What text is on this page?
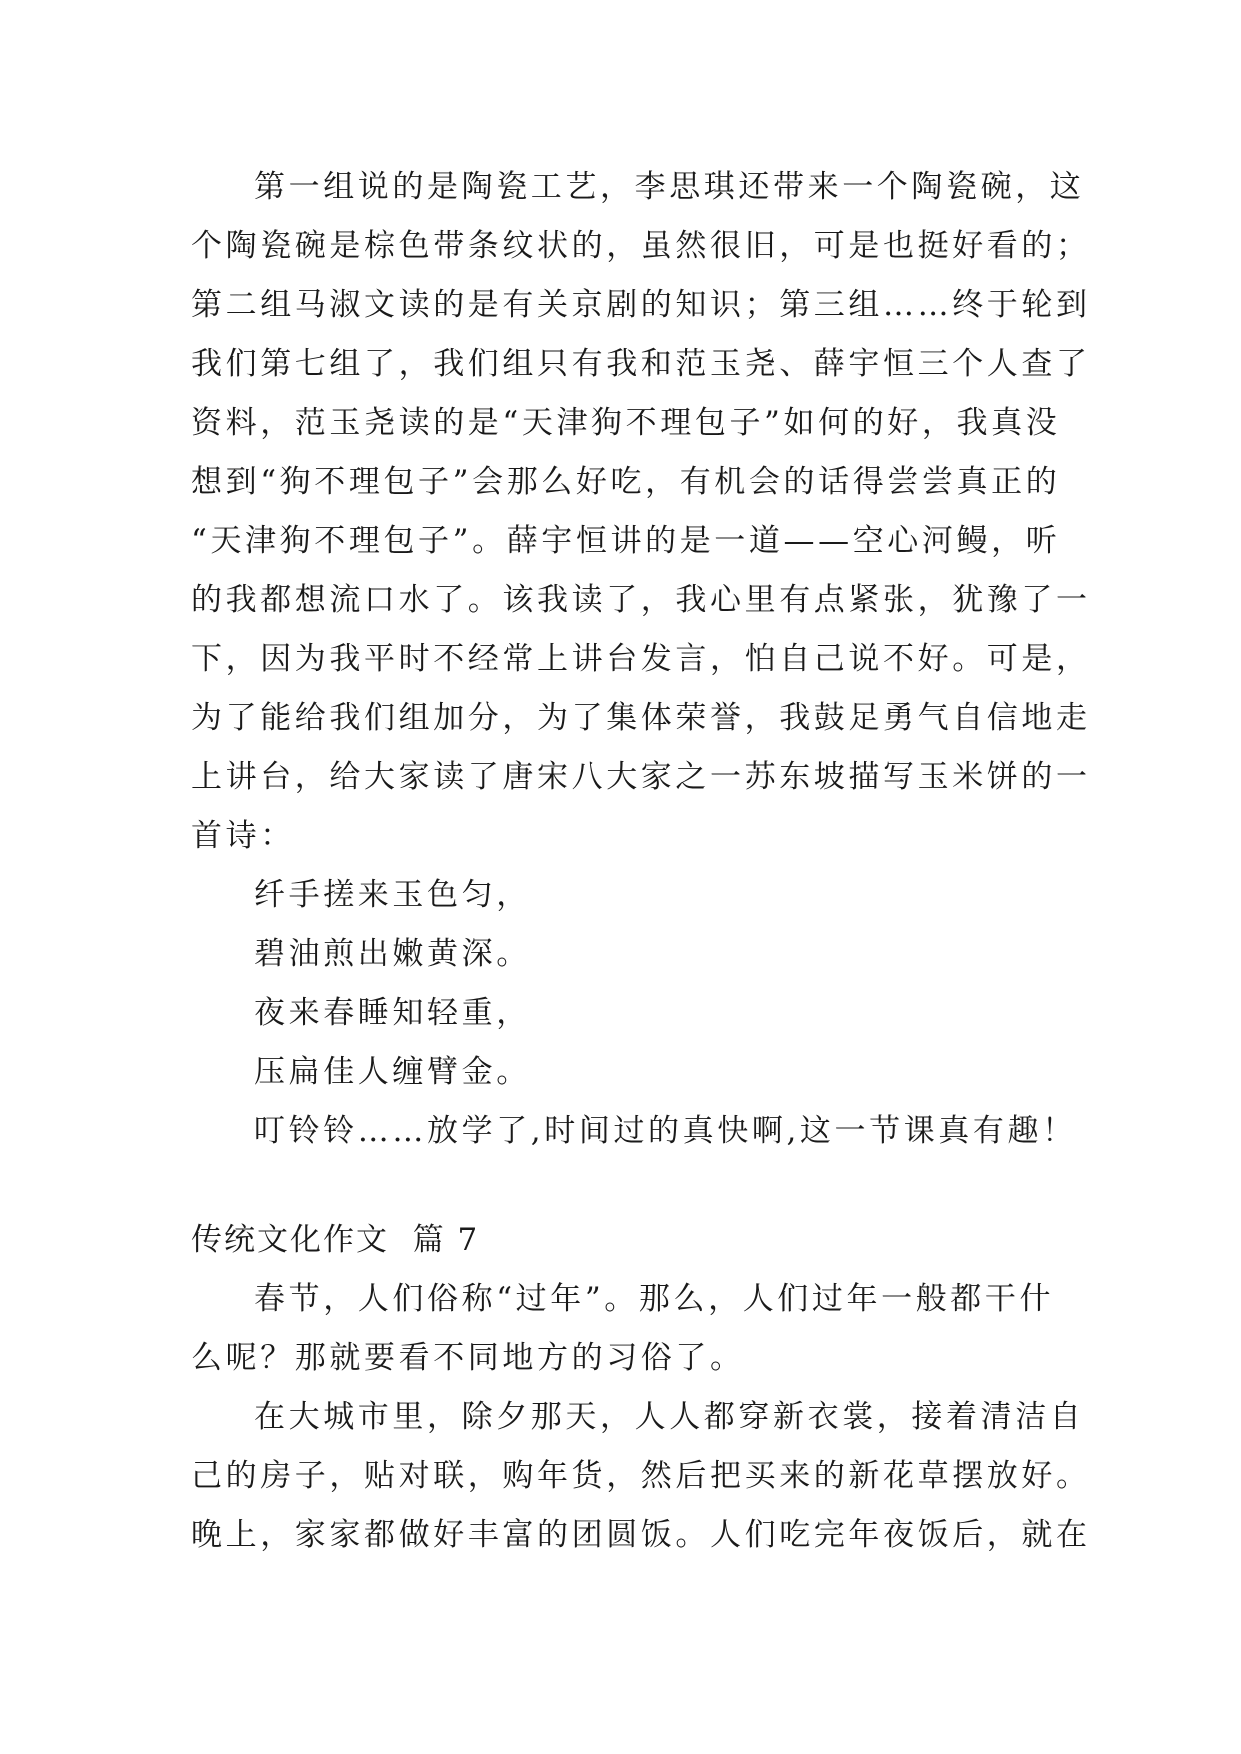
第一组说的是陶瓷工艺，李思琪还带来一个陶瓷碗，这
个陶瓷碗是棕色带条纹状的，虽然很旧，可是也挺好看的；
第二组马淑文读的是有关京剧的知识；第三组……终于轮到
我们第七组了，我们组只有我和范玉尧、薛宇恒三个人查了
资料，范玉尧读的是“天津狗不理包子”如何的好，我真没
想到“狗不理包子”会那么好吃，有机会的话得尝尝真正的
“天津狗不理包子”。薛宇恒讲的是一道——空心河鳗，听
的我都想流口水了。该我读了，我心里有点紧张，犹豫了一
下，因为我平时不经常上讲台发言，怕自己说不好。可是，
为了能给我们组加分，为了集体荣誉，我鼓足勇气自信地走
上讲台，给大家读了唐宋八大家之一苏东坡描写玉米饼的一
首诗：
纤手搓来玉色匀，
碧油煎出嫩黄深。
夜来春睡知轻重，
压扁佳人缠臂金。
叮铃铃……放学了,时间过的真快啊,这一节课真有趣！
传统文化作文  篇 7
春节，人们俗称“过年”。那么，人们过年一般都干什
么呢？那就要看不同地方的习俗了。
在大城市里，除夕那天，人人都穿新衣裳，接着清洁自
己的房子，贴对联，购年货，然后把买来的新花草摆放好。
晚上，家家都做好丰富的团圆饭。人们吃完年夜饭后，就在
